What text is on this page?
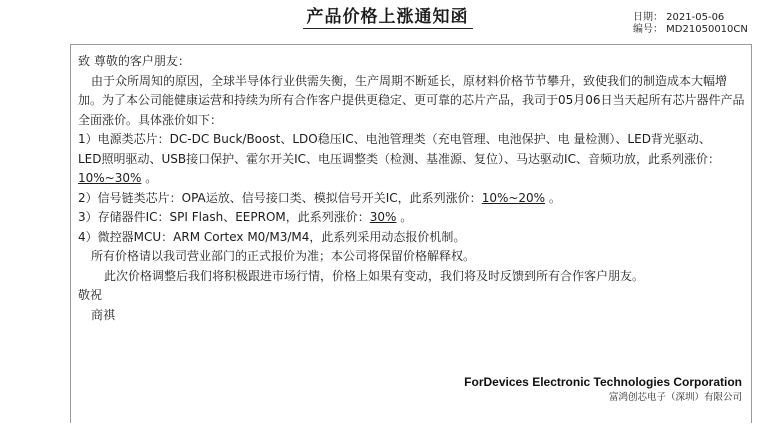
产品价格上涨通知函	日期： 2021-05-06
编号： MD21050010CN

致 尊敬的客户朋友：

由于众所周知的原因，全球半导体行业供需失衡，生产周期不断延长，原材料价格节节攀升，致使我们的制造成本大幅增加。为了本公司能健康运营和持续为所有合作客户提供更稳定、更可靠的芯片产品，我司于05月06日当天起所有芯片器件产品全面涨价。具体涨价如下：

1）电源类芯片：DC-DC Buck/Boost、LDO稳压IC、电池管理类（充电管理、电池保护、电 量检测）、LED背光驱动、

LED照明驱动、USB接口保护、霍尔开关IC、电压调整类（检测、基准源、复位）、马达驱动IC、音频功放，此系列涨价：

10%~30% 。

2）信号链类芯片：OPA运放、信号接口类、模拟信号开关IC，此系列涨价：10%~20% 。

3）存储器件IC：SPI Flash、EEPROM，此系列涨价：30% 。

4）微控器MCU：ARM Cortex M0/M3/M4，此系列采用动态报价机制。

所有价格请以我司营业部门的正式报价为准；本公司将保留价格解释权。

此次价格调整后我们将积极跟进市场行情，价格上如果有变动，我们将及时反馈到所有合作客户朋友。

敬祝

商祺

ForDevices Electronic Technologies Corporation
富鸿创芯电子（深圳）有限公司
